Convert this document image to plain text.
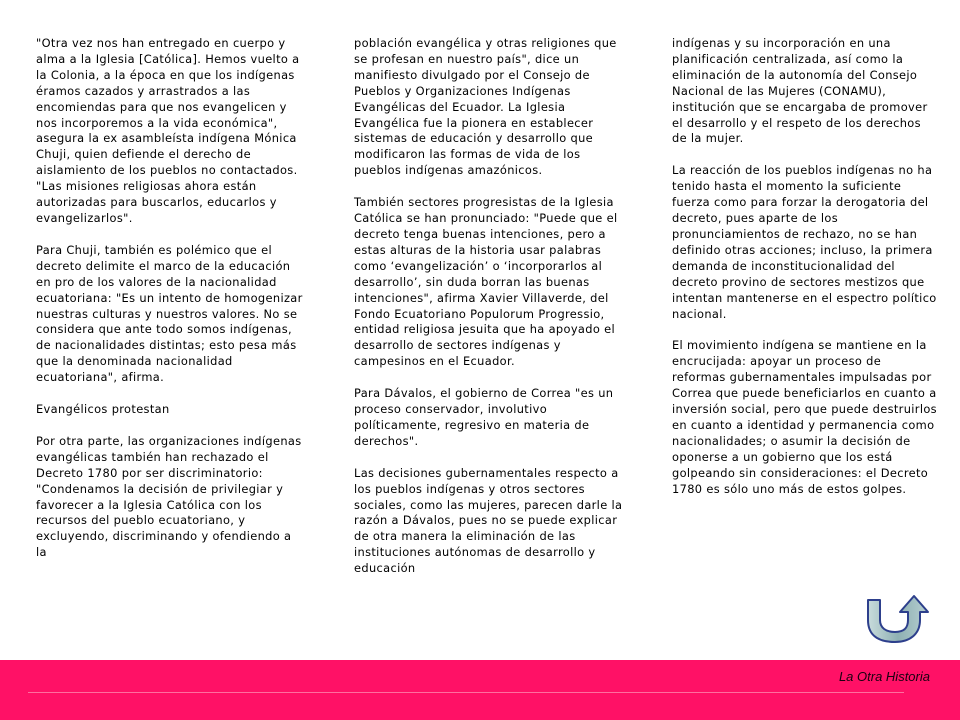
"Otra vez nos han entregado en cuerpo y alma a la Iglesia [Católica]. Hemos vuelto a la Colonia, a la época en que los indígenas éramos cazados y arrastrados a las encomiendas para que nos evangelicen y nos incorporemos a la vida económica", asegura la ex asambleísta indígena Mónica Chuji, quien defiende el derecho de aislamiento de los pueblos no contactados. "Las misiones religiosas ahora están autorizadas para buscarlos, educarlos y evangelizarlos".

Para Chuji, también es polémico que el decreto delimite el marco de la educación en pro de los valores de la nacionalidad ecuatoriana: "Es un intento de homogenizar nuestras culturas y nuestros valores. No se considera que ante todo somos indígenas, de nacionalidades distintas; esto pesa más que la denominada nacionalidad ecuatoriana", afirma.

Evangélicos protestan

Por otra parte, las organizaciones indígenas evangélicas también han rechazado el Decreto 1780 por ser discriminatorio: "Condenamos la decisión de privilegiar y favorecer a la Iglesia Católica con los recursos del pueblo ecuatoriano, y excluyendo, discriminando y ofendiendo a la

población evangélica y otras religiones que se profesan en nuestro país", dice un manifiesto divulgado por el Consejo de Pueblos y Organizaciones Indígenas Evangélicas del Ecuador. La Iglesia Evangélica fue la pionera en establecer sistemas de educación y desarrollo que modificaron las formas de vida de los pueblos indígenas amazónicos.

También sectores progresistas de la Iglesia Católica se han pronunciado: "Puede que el decreto tenga buenas intenciones, pero a estas alturas de la historia usar palabras como ‘evangelización’ o ‘incorporarlos al desarrollo’, sin duda borran las buenas intenciones", afirma Xavier Villaverde, del Fondo Ecuatoriano Populorum Progressio, entidad religiosa jesuita que ha apoyado el desarrollo de sectores indígenas y campesinos en el Ecuador.

Para Dávalos, el gobierno de Correa "es un proceso conservador, involutivo políticamente, regresivo en materia de derechos".

Las decisiones gubernamentales respecto a los pueblos indígenas y otros sectores sociales, como las mujeres, parecen darle la razón a Dávalos, pues no se puede explicar de otra manera la eliminación de las instituciones autónomas de desarrollo y educación

indígenas y su incorporación en una planificación centralizada, así como la eliminación de la autonomía del Consejo Nacional de las Mujeres (CONAMU), institución que se encargaba de promover el desarrollo y el respeto de los derechos de la mujer.

La reacción de los pueblos indígenas no ha tenido hasta el momento la suficiente fuerza como para forzar la derogatoria del decreto, pues aparte de los pronunciamientos de rechazo, no se han definido otras acciones; incluso, la primera demanda de inconstitucionalidad del decreto provino de sectores mestizos que intentan mantenerse en el espectro político nacional.

El movimiento indígena se mantiene en la encrucijada: apoyar un proceso de reformas gubernamentales impulsadas por Correa que puede beneficiarlos en cuanto a inversión social, pero que puede destruirlos en cuanto a identidad y permanencia como nacionalidades; o asumir la decisión de oponerse a un gobierno que los está golpeando sin consideraciones: el Decreto 1780 es sólo uno más de estos golpes.

La Otra Historia
